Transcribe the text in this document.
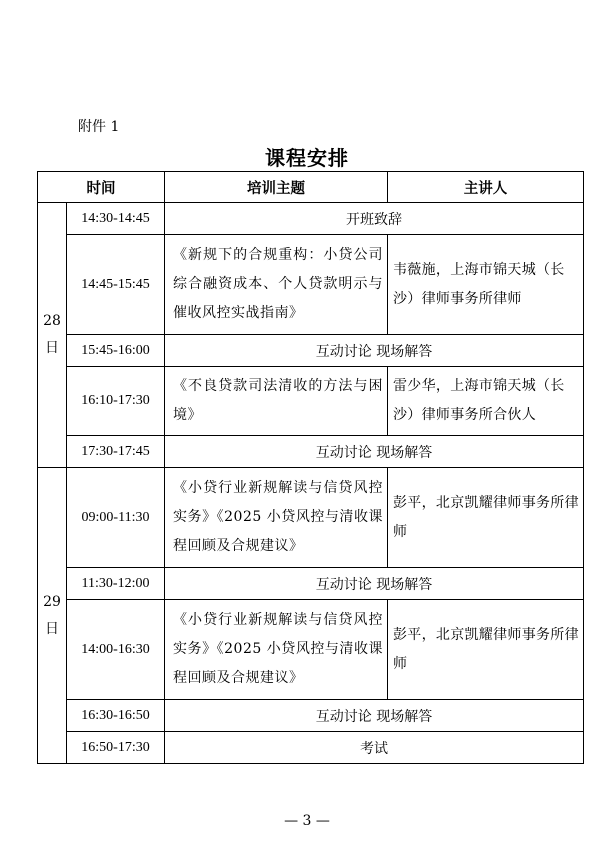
附件 1
课程安排
时间		培训主题	主讲人
28
日	14:30-14:45	开班致辞	
	14:45-15:45	《新规下的合规重构：小贷公司综合融资成本、个人贷款明示与催收风控实战指南》	韦薇施，上海市锦天城（长沙）律师事务所律师
	15:45-16:00	互动讨论 现场解答	
	16:10-17:30	《不良贷款司法清收的方法与困境》	雷少华，上海市锦天城（长沙）律师事务所合伙人
	17:30-17:45	互动讨论 现场解答	
29
日	09:00-11:30	《小贷行业新规解读与信贷风控实务》《2025 小贷风控与清收课程回顾及合规建议》	彭平，北京凯耀律师事务所律师
	11:30-12:00	互动讨论 现场解答	
	14:00-16:30	《小贷行业新规解读与信贷风控实务》《2025 小贷风控与清收课程回顾及合规建议》	彭平，北京凯耀律师事务所律师
	16:30-16:50	互动讨论 现场解答	
	16:50-17:30	考试	
— 3 —
